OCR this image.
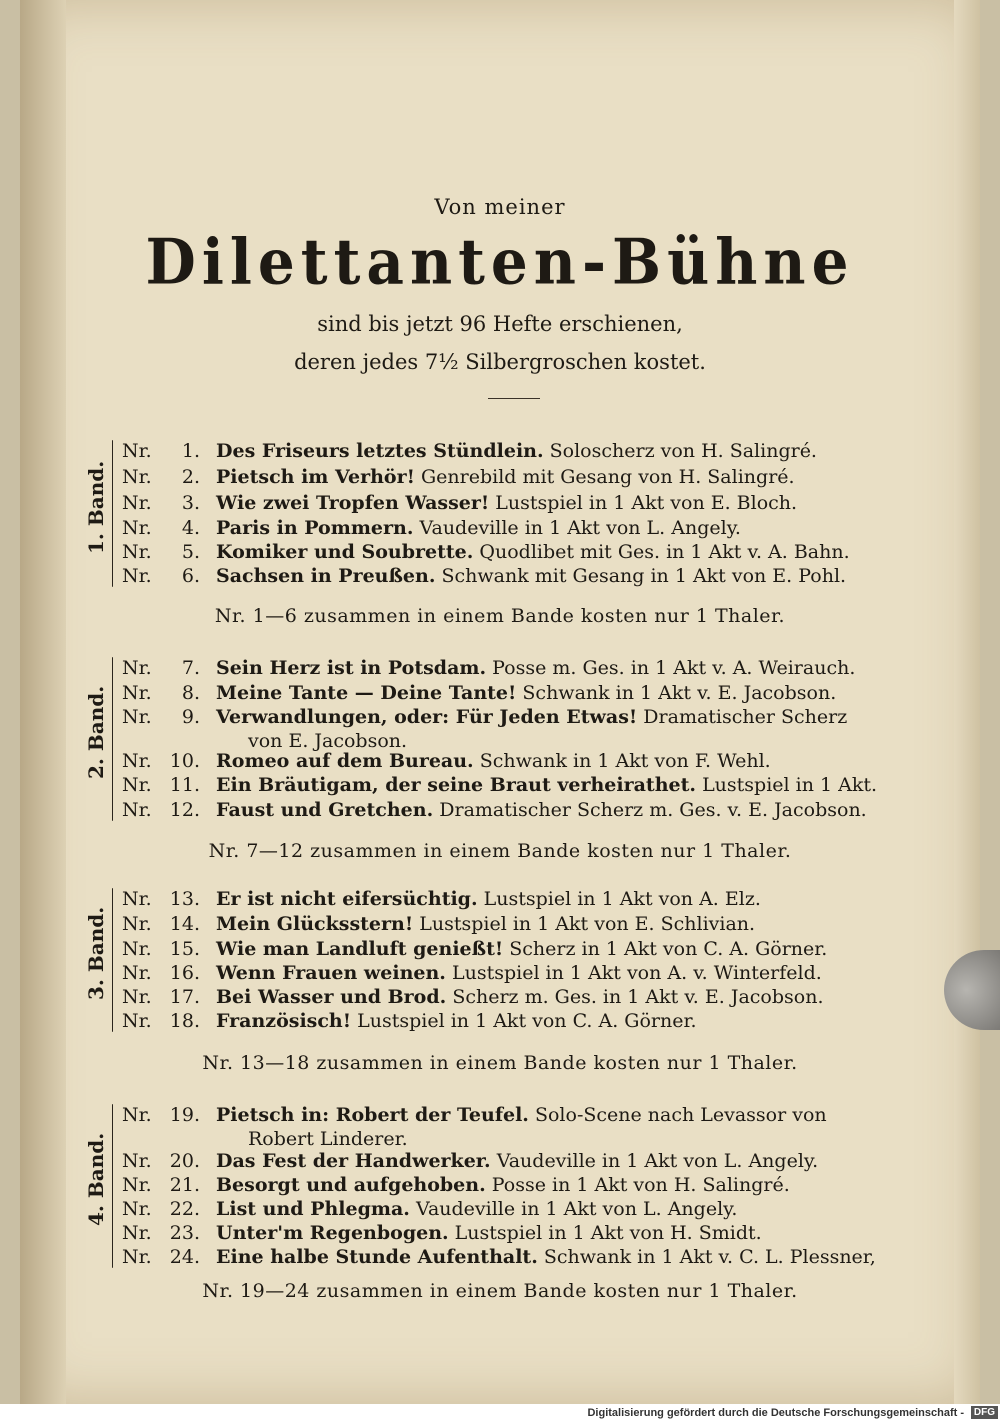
Von meiner
Dilettanten-Bühne
sind bis jetzt 96 Hefte erschienen,
deren jedes 7½ Silbergroschen kostet.
1. Band.
Nr.	1. Des Friseurs letztes Stündlein. Soloscherz von H. Salingré.
Nr.	2. Pietsch im Verhör! Genrebild mit Gesang von H. Salingré.
Nr.	3. Wie zwei Tropfen Wasser! Lustspiel in 1 Akt von E. Bloch.
Nr.	4. Paris in Pommern. Vaudeville in 1 Akt von L. Angely.
Nr.	5. Komiker und Soubrette. Quodlibet mit Ges. in 1 Akt v. A. Bahn.
Nr.	6. Sachsen in Preußen. Schwank mit Gesang in 1 Akt von E. Pohl.
Nr. 1—6 zusammen in einem Bande kosten nur 1 Thaler.
2. Band.
Nr.	7. Sein Herz ist in Potsdam. Posse m. Ges. in 1 Akt v. A. Weirauch.
Nr.	8. Meine Tante — Deine Tante! Schwank in 1 Akt v. E. Jacobson.
Nr.	9. Verwandlungen, oder: Für Jeden Etwas! Dramatischer Scherz
von E. Jacobson.
Nr. 10. Romeo auf dem Bureau. Schwank in 1 Akt von F. Wehl.
Nr. 11. Ein Bräutigam, der seine Braut verheirathet. Lustspiel in 1 Akt.
Nr. 12. Faust und Gretchen. Dramatischer Scherz m. Ges. v. E. Jacobson.
Nr. 7—12 zusammen in einem Bande kosten nur 1 Thaler.
3. Band.
Nr. 13. Er ist nicht eifersüchtig. Lustspiel in 1 Akt von A. Elz.
Nr. 14. Mein Glücksstern! Lustspiel in 1 Akt von E. Schlivian.
Nr. 15. Wie man Landluft genießt! Scherz in 1 Akt von C. A. Görner.
Nr. 16. Wenn Frauen weinen. Lustspiel in 1 Akt von A. v. Winterfeld.
Nr. 17. Bei Wasser und Brod. Scherz m. Ges. in 1 Akt v. E. Jacobson.
Nr. 18. Französisch! Lustspiel in 1 Akt von C. A. Görner.
Nr. 13—18 zusammen in einem Bande kosten nur 1 Thaler.
4. Band.
Nr. 19. Pietsch in: Robert der Teufel. Solo-Scene nach Levassor von
Robert Linderer.
Nr. 20. Das Fest der Handwerker. Vaudeville in 1 Akt von L. Angely.
Nr. 21. Besorgt und aufgehoben. Posse in 1 Akt von H. Salingré.
Nr. 22. List und Phlegma. Vaudeville in 1 Akt von L. Angely.
Nr. 23. Unter'm Regenbogen. Lustspiel in 1 Akt von H. Smidt.
Nr. 24. Eine halbe Stunde Aufenthalt. Schwank in 1 Akt v. C. L. Plessner,
Nr. 19—24 zusammen in einem Bande kosten nur 1 Thaler.
Digitalisierung gefördert durch die Deutsche Forschungsgemeinschaft - DFG
